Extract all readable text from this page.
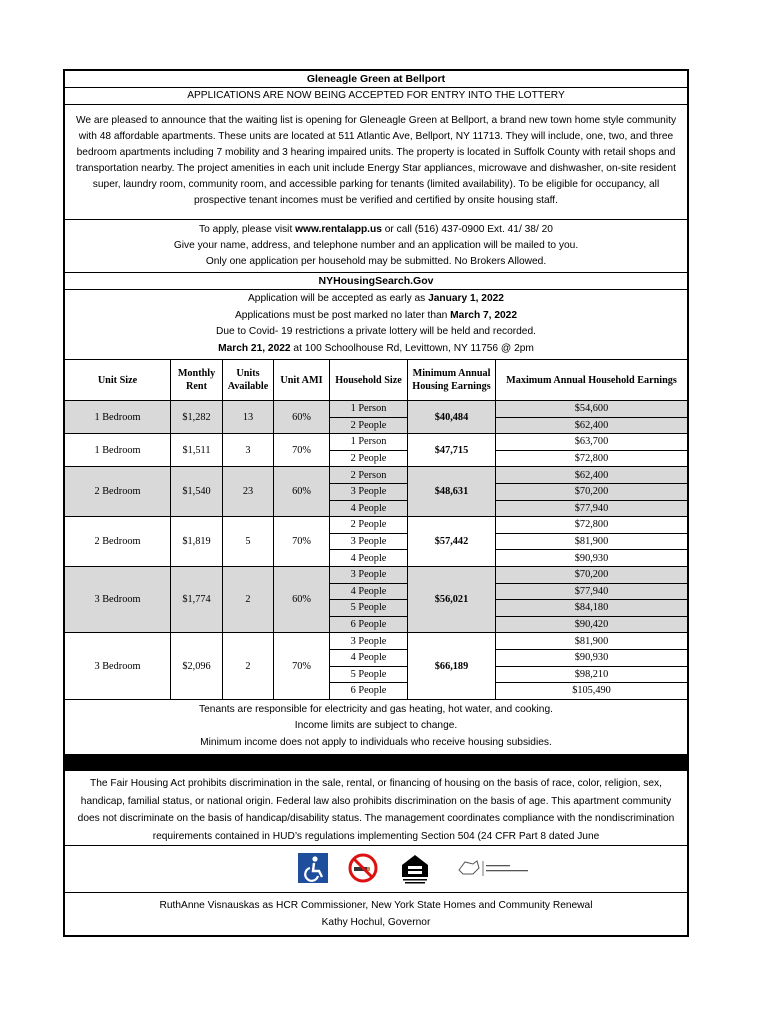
Gleneagle Green at Bellport
APPLICATIONS ARE NOW BEING ACCEPTED FOR ENTRY INTO THE LOTTERY
We are pleased to announce that the waiting list is opening for Gleneagle Green at Bellport, a brand new town home style community with 48 affordable apartments. These units are located at 511 Atlantic Ave, Bellport, NY 11713. They will include, one, two, and three bedroom apartments including 7 mobility and 3 hearing impaired units. The property is located in Suffolk County with retail shops and transportation nearby. The project amenities in each unit include Energy Star appliances, microwave and dishwasher, on-site resident super, laundry room, community room, and accessible parking for tenants (limited availability). To be eligible for occupancy, all prospective tenant incomes must be verified and certified by onsite housing staff.
To apply, please visit www.rentalapp.us or call (516) 437-0900 Ext. 41/ 38/ 20
Give your name, address, and telephone number and an application will be mailed to you.
Only one application per household may be submitted. No Brokers Allowed.
NYHousingSearch.Gov
Application will be accepted as early as January 1, 2022
Applications must be post marked no later than March 7, 2022
Due to Covid- 19 restrictions a private lottery will be held and recorded.
March 21, 2022 at 100 Schoolhouse Rd, Levittown, NY 11756 @ 2pm
Unit Size	Monthly Rent	Units Available	Unit AMI	Household Size	Minimum Annual Housing Earnings	Maximum Annual Household Earnings
1 Bedroom	$1,282	13	60%	1 Person	$40,484	$54,600
				2 People		$62,400
1 Bedroom	$1,511	3	70%	1 Person	$47,715	$63,700
				2 People		$72,800
2 Bedroom	$1,540	23	60%	2 Person	$48,631	$62,400
				3 People		$70,200
				4 People		$77,940
2 Bedroom	$1,819	5	70%	2 People	$57,442	$72,800
				3 People		$81,900
				4 People		$90,930
3 Bedroom	$1,774	2	60%	3 People	$56,021	$70,200
				4 People		$77,940
				5 People		$84,180
				6 People		$90,420
3 Bedroom	$2,096	2	70%	3 People	$66,189	$81,900
				4 People		$90,930
				5 People		$98,210
				6 People		$105,490
Tenants are responsible for electricity and gas heating, hot water, and cooking.
Income limits are subject to change.
Minimum income does not apply to individuals who receive housing subsidies.
The Fair Housing Act prohibits discrimination in the sale, rental, or financing of housing on the basis of race, color, religion, sex, handicap, familial status, or national origin. Federal law also prohibits discrimination on the basis of age. This apartment community does not discriminate on the basis of handicap/disability status. The management coordinates compliance with the nondiscrimination requirements contained in HUD’s regulations implementing Section 504 (24 CFR Part 8 dated June
RuthAnne Visnauskas as HCR Commissioner, New York State Homes and Community Renewal
Kathy Hochul, Governor
